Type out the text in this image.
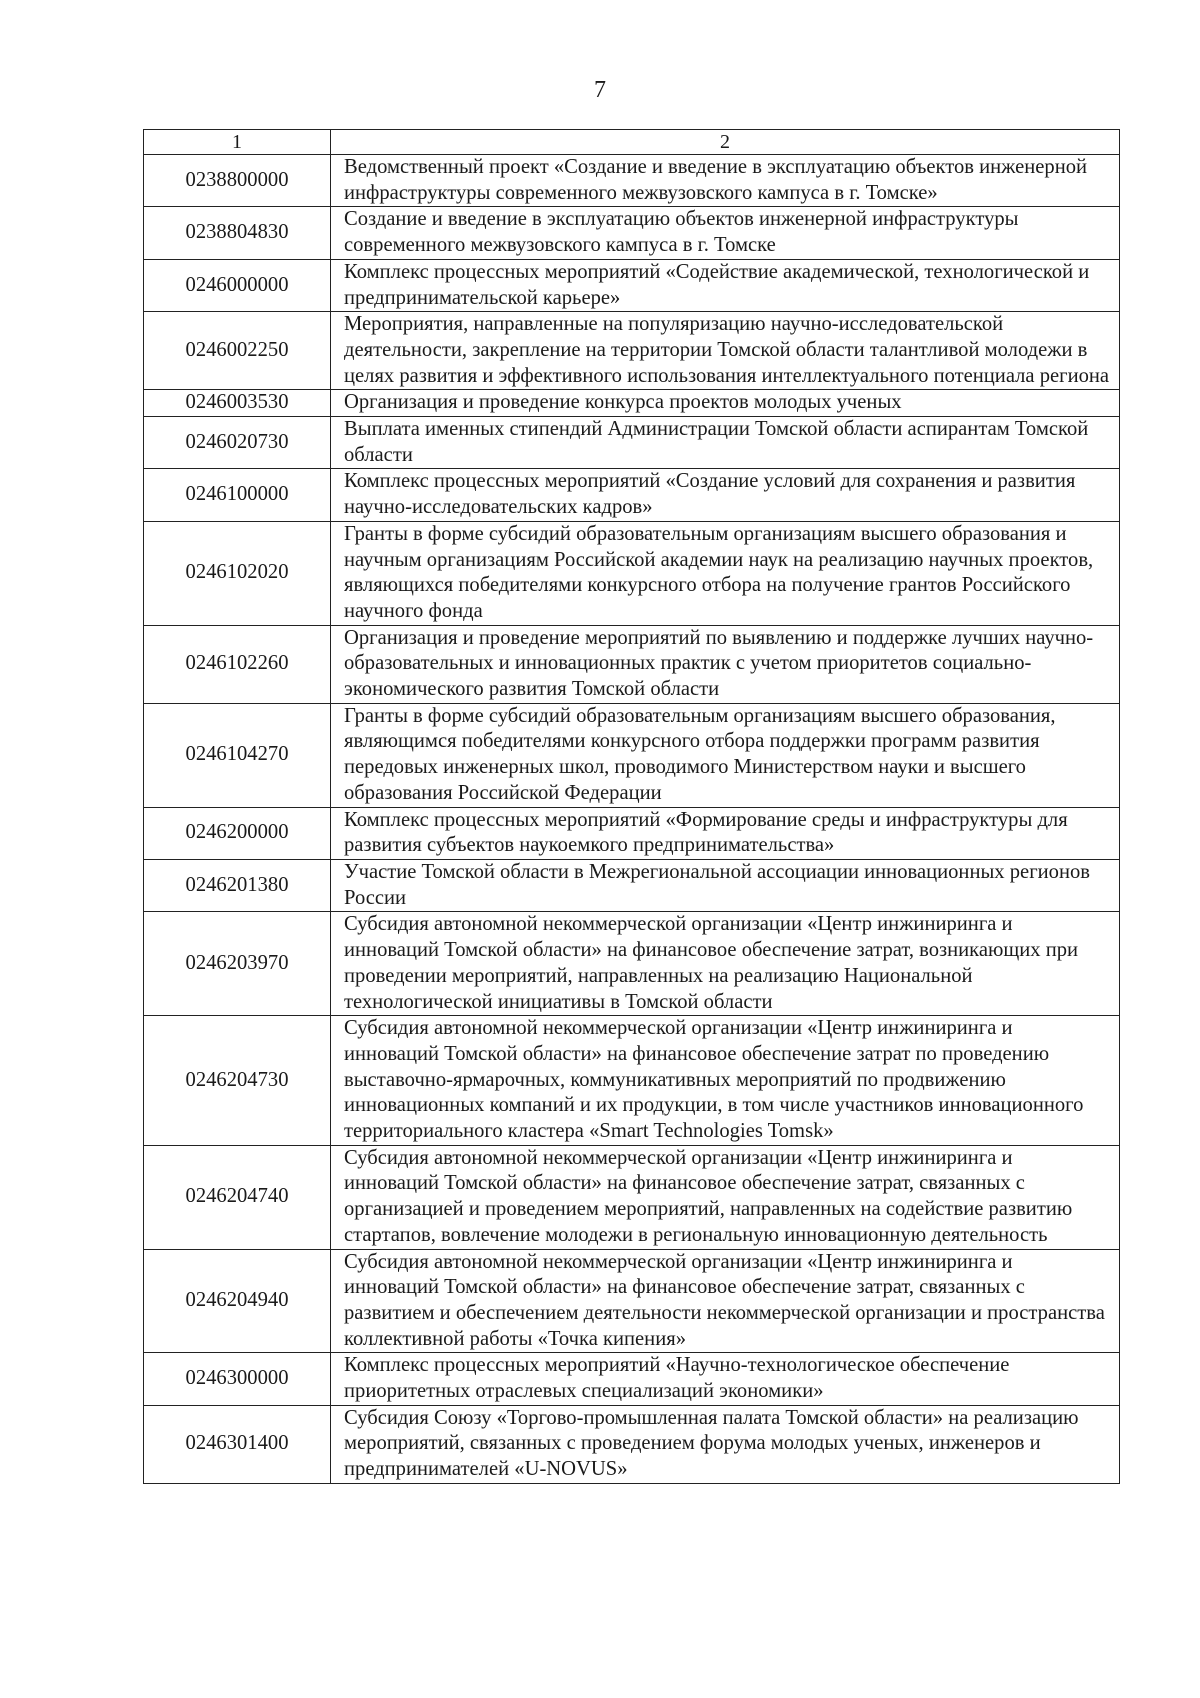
7
1	2
0238800000	Ведомственный проект «Создание и введение в эксплуатацию объектов инженерной инфраструктуры современного межвузовского кампуса в г. Томске»
0238804830	Создание и введение в эксплуатацию объектов инженерной инфраструктуры современного межвузовского кампуса в г. Томске
0246000000	Комплекс процессных мероприятий «Содействие академической, технологической и предпринимательской карьере»
0246002250	Мероприятия, направленные на популяризацию научно-исследовательской деятельности, закрепление на территории Томской области талантливой молодежи в целях развития и эффективного использования интеллектуального потенциала региона
0246003530	Организация и проведение конкурса проектов молодых ученых
0246020730	Выплата именных стипендий Администрации Томской области аспирантам Томской области
0246100000	Комплекс процессных мероприятий «Создание условий для сохранения и развития научно-исследовательских кадров»
0246102020	Гранты в форме субсидий образовательным организациям высшего образования и научным организациям Российской академии наук на реализацию научных проектов, являющихся победителями конкурсного отбора на получение грантов Российского научного фонда
0246102260	Организация и проведение мероприятий по выявлению и поддержке лучших научно-образовательных и инновационных практик с учетом приоритетов социально-экономического развития Томской области
0246104270	Гранты в форме субсидий образовательным организациям высшего образования, являющимся победителями конкурсного отбора поддержки программ развития передовых инженерных школ, проводимого Министерством науки и высшего образования Российской Федерации
0246200000	Комплекс процессных мероприятий «Формирование среды и инфраструктуры для развития субъектов наукоемкого предпринимательства»
0246201380	Участие Томской области в Межрегиональной ассоциации инновационных регионов России
0246203970	Субсидия автономной некоммерческой организации «Центр инжиниринга и инноваций Томской области» на финансовое обеспечение затрат, возникающих при проведении мероприятий, направленных на реализацию Национальной технологической инициативы в Томской области
0246204730	Субсидия автономной некоммерческой организации «Центр инжиниринга и инноваций Томской области» на финансовое обеспечение затрат по проведению выставочно-ярмарочных, коммуникативных мероприятий по продвижению инновационных компаний и их продукции, в том числе участников инновационного территориального кластера «Smart Technologies Tomsk»
0246204740	Субсидия автономной некоммерческой организации «Центр инжиниринга и инноваций Томской области» на финансовое обеспечение затрат, связанных с организацией и проведением мероприятий, направленных на содействие развитию стартапов, вовлечение молодежи в региональную инновационную деятельность
0246204940	Субсидия автономной некоммерческой организации «Центр инжиниринга и инноваций Томской области» на финансовое обеспечение затрат, связанных с развитием и обеспечением деятельности некоммерческой организации и пространства коллективной работы «Точка кипения»
0246300000	Комплекс процессных мероприятий «Научно-технологическое обеспечение приоритетных отраслевых специализаций экономики»
0246301400	Субсидия Союзу «Торгово-промышленная палата Томской области» на реализацию мероприятий, связанных с проведением форума молодых ученых, инженеров и предпринимателей «U-NOVUS»
